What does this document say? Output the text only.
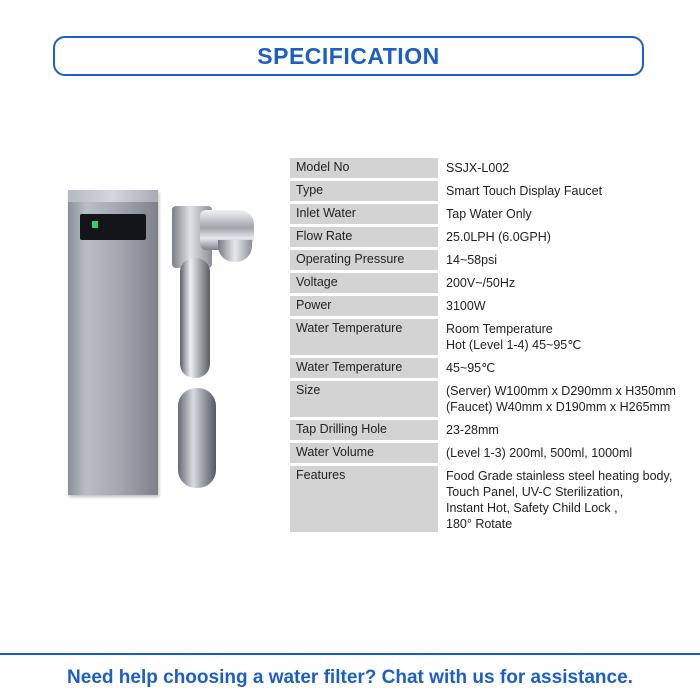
SPECIFICATION
Model No	SSJX-L002
Type	Smart Touch Display Faucet
Inlet Water	Tap Water Only
Flow Rate	25.0LPH (6.0GPH)
Operating Pressure	14~58psi
Voltage	200V~/50Hz
Power	3100W
Water Temperature	Room Temperature
Hot (Level 1-4) 45~95℃
Water Temperature	45~95℃
Size	(Server) W100mm x D290mm x H350mm
(Faucet) W40mm x D190mm x H265mm
Tap Drilling Hole	23-28mm
Water Volume	(Level 1-3) 200ml, 500ml, 1000ml
Features	Food Grade stainless steel heating body,
Touch Panel, UV-C Sterilization,
Instant Hot, Safety Child Lock ,
180° Rotate
Need help choosing a water filter? Chat with us for assistance.
